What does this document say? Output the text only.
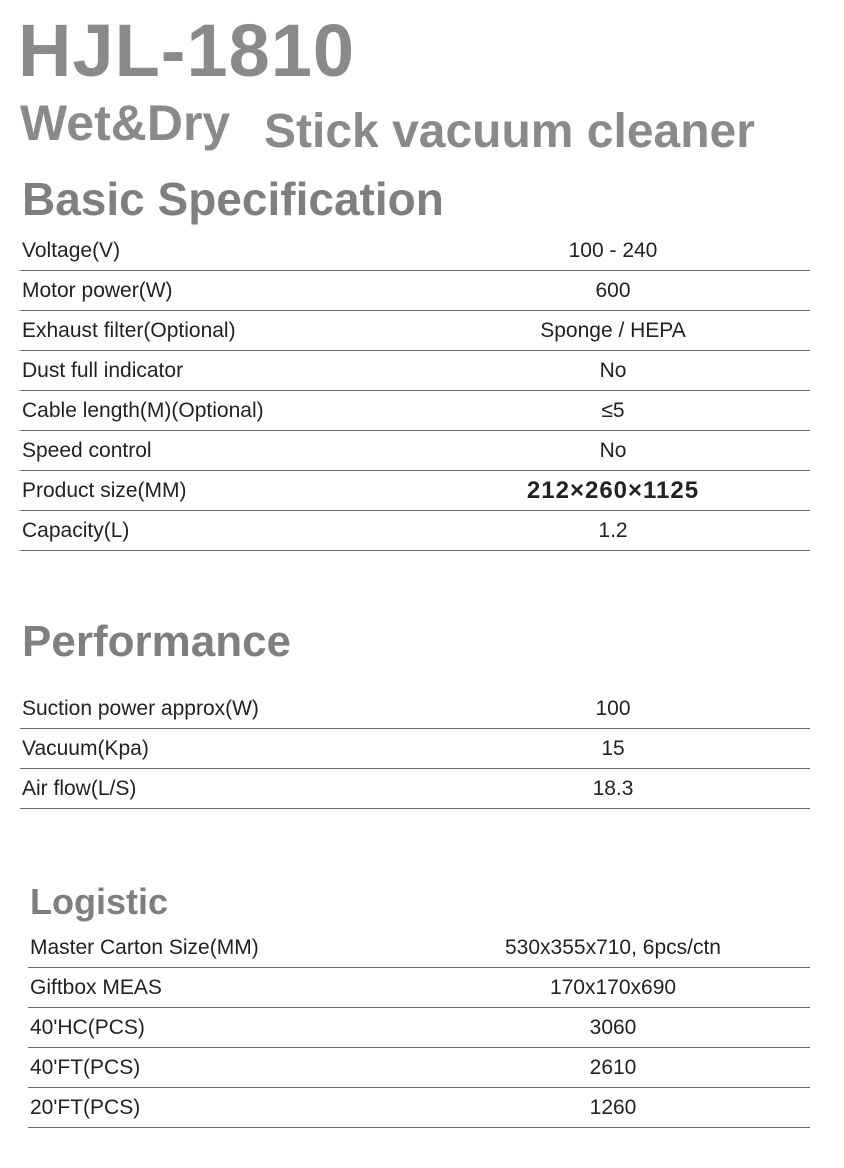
HJL-1810
Wet&Dry Stick vacuum cleaner
Basic Specification
Voltage(V)	100 - 240
Motor power(W)	600
Exhaust filter(Optional)	Sponge / HEPA
Dust full indicator	No
Cable length(M)(Optional)	≤5
Speed control	No
Product size(MM)	212×260×1125
Capacity(L)	1.2
Performance
Suction power approx(W)	100
Vacuum(Kpa)	15
Air flow(L/S)	18.3
Logistic
Master Carton Size(MM)	530x355x710, 6pcs/ctn
Giftbox MEAS	170x170x690
40'HC(PCS)	3060
40'FT(PCS)	2610
20'FT(PCS)	1260
